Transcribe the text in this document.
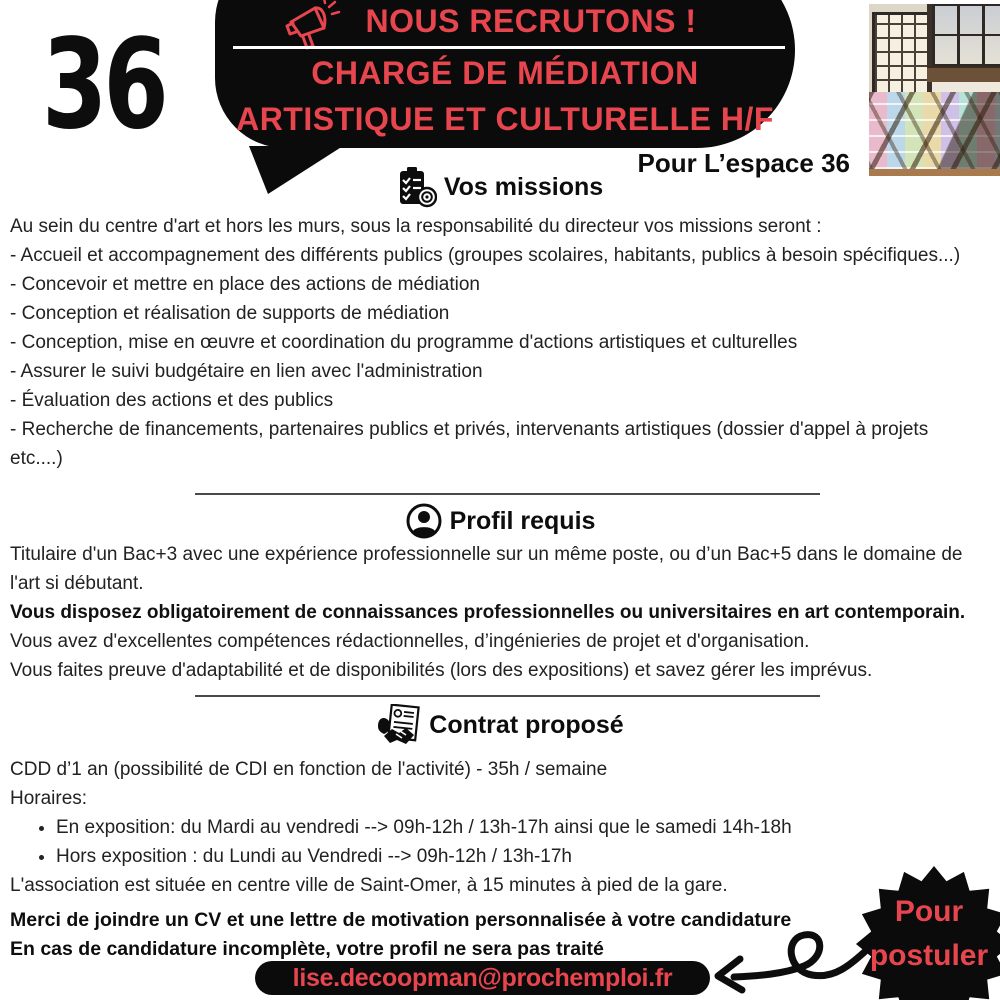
36	NOUS RECRUTONS !
CHARGÉ DE MÉDIATION
ARTISTIQUE ET CULTURELLE H/F
Pour L’espace 36
Vos missions

Au sein du centre d'art et hors les murs, sous la responsabilité du directeur vos missions seront :

- Accueil et accompagnement des différents publics (groupes scolaires, habitants, publics à besoin spécifiques...)

- Concevoir et mettre en place des actions de médiation

- Conception et réalisation de supports de médiation

- Conception, mise en œuvre et coordination du programme d'actions artistiques et culturelles

- Assurer le suivi budgétaire en lien avec l'administration

- Évaluation des actions et des publics

- Recherche de financements, partenaires publics et privés, intervenants artistiques (dossier d'appel à projets etc....)

Profil requis

Titulaire d'un Bac+3 avec une expérience professionnelle sur un même poste, ou d’un Bac+5 dans le domaine de l'art si débutant.

Vous disposez obligatoirement de connaissances professionnelles ou universitaires en art contemporain.

Vous avez d'excellentes compétences rédactionnelles, d’ingénieries de projet et d'organisation.

Vous faites preuve d'adaptabilité et de disponibilités (lors des expositions) et savez gérer les imprévus.

Contrat proposé

CDD d’1 an (possibilité de CDI en fonction de l'activité) - 35h / semaine

Horaires:

• En exposition: du Mardi au vendredi --> 09h-12h / 13h-17h ainsi que le samedi 14h-18h
• Hors exposition : du Lundi au Vendredi --> 09h-12h / 13h-17h

L'association est située en centre ville de Saint-Omer, à 15 minutes à pied de la gare.

Merci de joindre un CV et une lettre de motivation personnalisée à votre candidature
En cas de candidature incomplète, votre profil ne sera pas traité
lise.decoopman@prochemploi.fr
Pour
postuler
